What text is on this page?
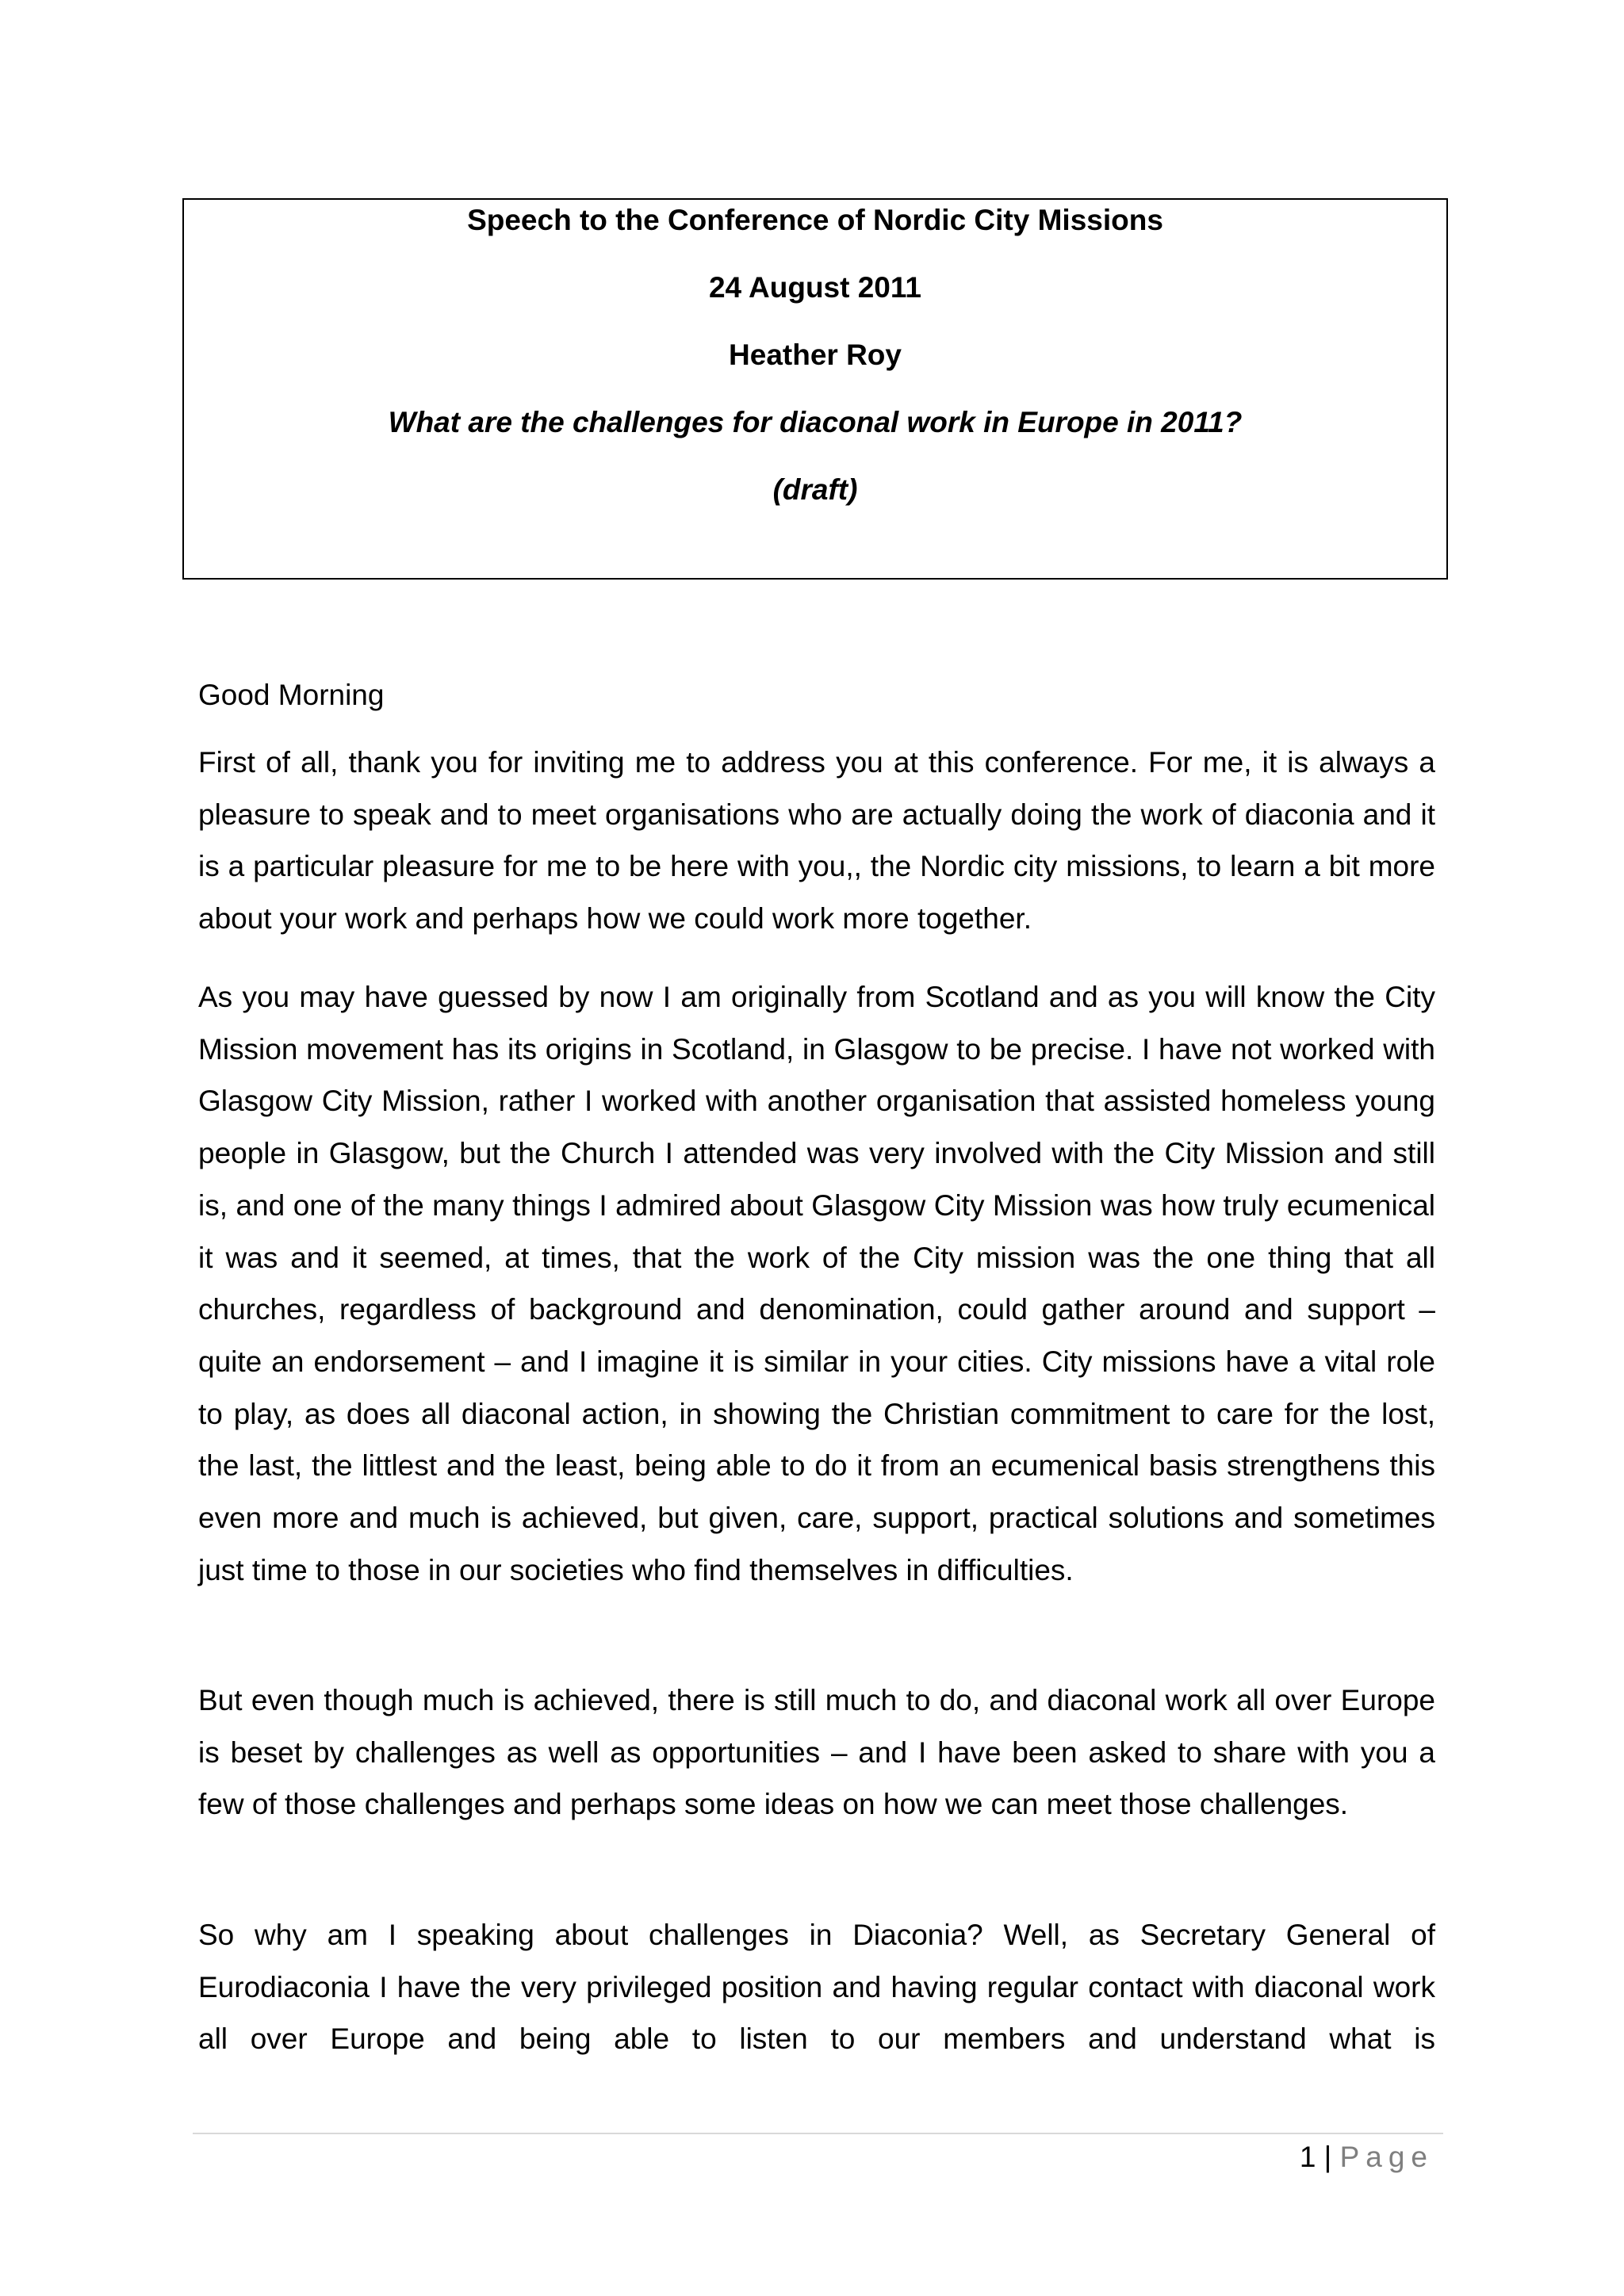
Speech to the Conference of Nordic City Missions

24 August 2011

Heather Roy

What are the challenges for diaconal work in Europe in 2011?

(draft)

Good Morning

First of all, thank you for inviting me to address you at this conference. For me, it is always a pleasure to speak and to meet organisations who are actually doing the work of diaconia and it is a particular pleasure for me to be here with you,, the Nordic city missions, to learn a bit more about your work and perhaps how we could work more together.

As you may have guessed by now I am originally from Scotland and as you will know the City Mission movement has its origins in Scotland, in Glasgow to be precise. I have not worked with Glasgow City Mission, rather I worked with another organisation that assisted homeless young people in Glasgow, but the Church I attended was very involved with the City Mission and still is, and one of the many things I admired about Glasgow City Mission was how truly ecumenical it was and it seemed, at times, that the work of the City mission was the one thing that all churches, regardless of background and denomination, could gather around and support – quite an endorsement – and I imagine it is similar in your cities. City missions have a vital role to play, as does all diaconal action, in showing the Christian commitment to care for the lost, the last, the littlest and the least, being able to do it from an ecumenical basis strengthens this even more and much is achieved, but given, care, support, practical solutions and sometimes just time to those in our societies who find themselves in difficulties.

But even though much is achieved, there is still much to do, and diaconal work all over Europe is beset by challenges as well as opportunities – and I have been asked to share with you a few of those challenges and perhaps some ideas on how we can meet those challenges.

So why am I speaking about challenges in Diaconia? Well, as Secretary General of Eurodiaconia I have the very privileged position and having regular contact with diaconal work all over Europe and being able to listen to our members and understand what is

1 | Page
